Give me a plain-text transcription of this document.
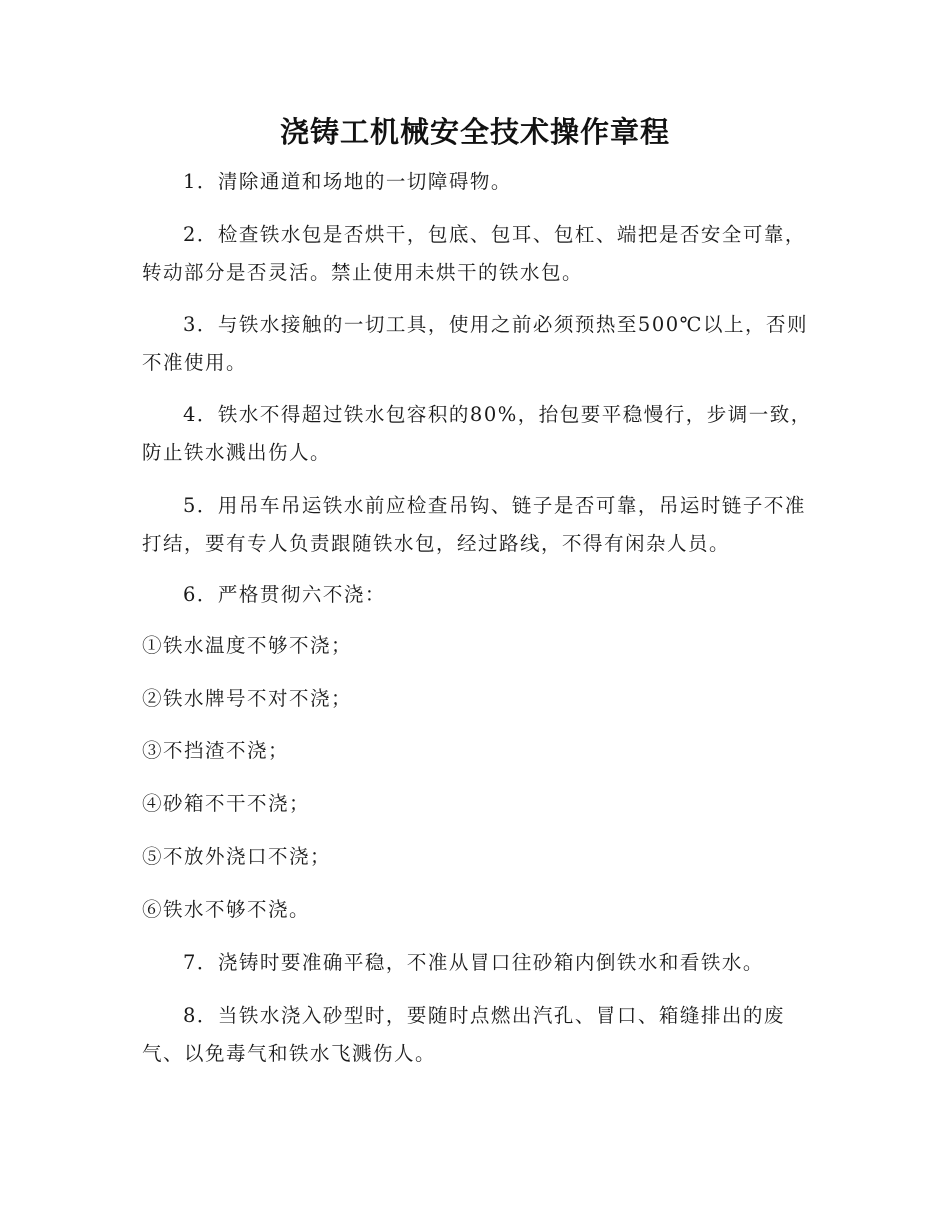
浇铸工机械安全技术操作章程

1．清除通道和场地的一切障碍物。

2．检查铁水包是否烘干，包底、包耳、包杠、端把是否安全可靠，转动部分是否灵活。禁止使用未烘干的铁水包。

3．与铁水接触的一切工具，使用之前必须预热至500℃以上，否则不准使用。

4．铁水不得超过铁水包容积的80%，抬包要平稳慢行，步调一致，防止铁水溅出伤人。

5．用吊车吊运铁水前应检查吊钩、链子是否可靠，吊运时链子不准打结，要有专人负责跟随铁水包，经过路线，不得有闲杂人员。

6．严格贯彻六不浇：

①铁水温度不够不浇；

②铁水牌号不对不浇；

③不挡渣不浇；

④砂箱不干不浇；

⑤不放外浇口不浇；

⑥铁水不够不浇。

7．浇铸时要准确平稳，不准从冒口往砂箱内倒铁水和看铁水。

8．当铁水浇入砂型时，要随时点燃出汽孔、冒口、箱缝排出的废气、以免毒气和铁水飞溅伤人。
